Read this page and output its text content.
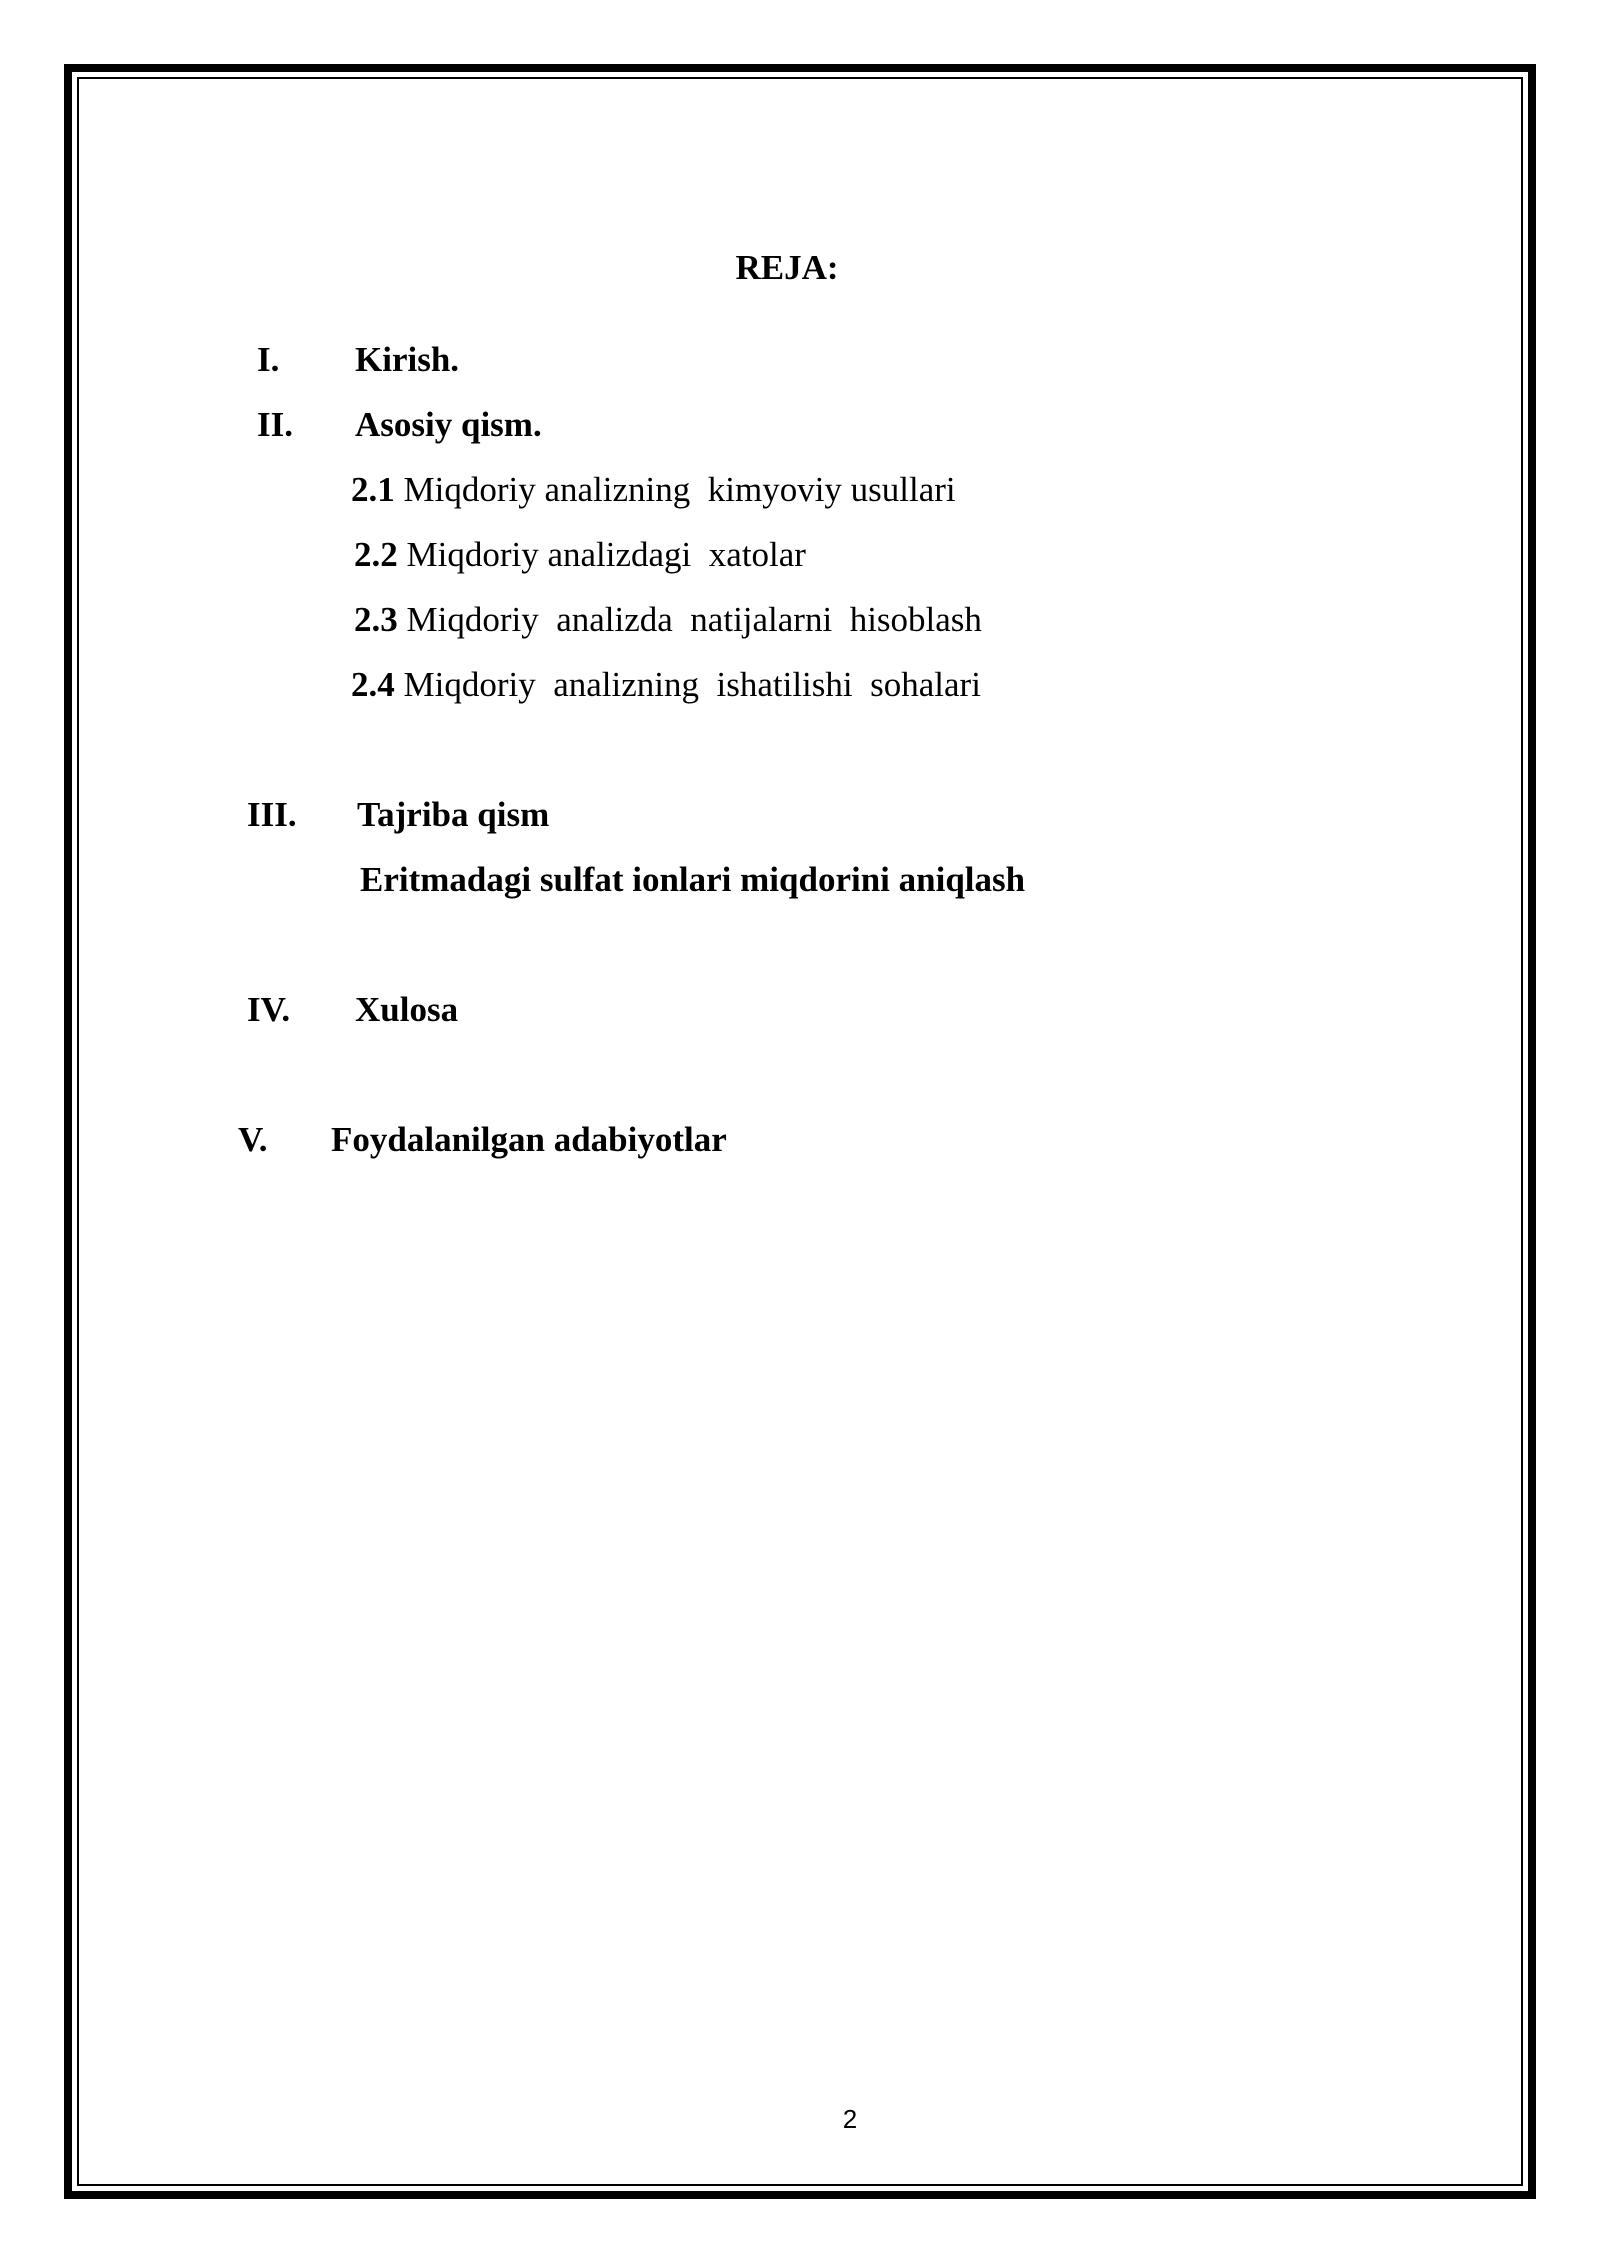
REJA:
I. Kirish.
II. Asosiy qism.
2.1 Miqdoriy analizning  kimyoviy usullari
2.2 Miqdoriy analizdagi  xatolar
2.3 Miqdoriy  analizda  natijalarni  hisoblash
2.4 Miqdoriy  analizning  ishatilishi  sohalari
III. Tajriba qism
Eritmadagi sulfat ionlari miqdorini aniqlash
IV. Xulosa
V. Foydalanilgan adabiyotlar
2
